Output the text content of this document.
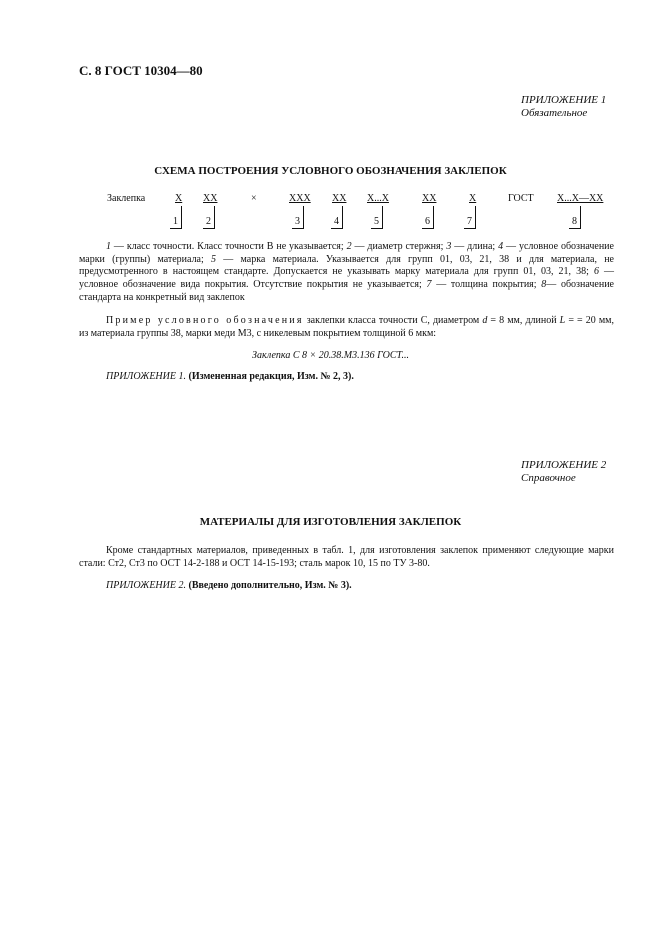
С. 8 ГОСТ 10304—80
ПРИЛОЖЕНИЕ 1
Обязательное
СХЕМА ПОСТРОЕНИЯ УСЛОВНОГО ОБОЗНАЧЕНИЯ ЗАКЛЕПОК
Заклепка	X XX	×	XXX XX X...X	XX	X	ГОСТ X...X—XX
1	2	3	4	5	6	7	8
1 — класс точности. Класс точности В не указывается; 2 — диаметр стержня; 3 — длина; 4 — условное обозначение марки (группы) материала; 5 — марка материала. Указывается для групп 01, 03, 21, 38 и для материала, не предусмотренного в настоящем стандарте. Допускается не указывать марку материала для групп 01, 03, 21, 38; 6 — условное обозначение вида покрытия. Отсутствие покрытия не указывается; 7 — толщина покрытия; 8— обозначение стандарта на конкретный вид заклепок
Пример условного обозначения заклепки класса точности С, диаметром d = 8 мм, длиной L = = 20 мм, из материала группы 38, марки меди М3, с никелевым покрытием толщиной 6 мкм:
Заклепка С 8 × 20.38.М3.136 ГОСТ...
ПРИЛОЖЕНИЕ 1. (Измененная редакция, Изм. № 2, 3).
ПРИЛОЖЕНИЕ 2
Справочное
МАТЕРИАЛЫ ДЛЯ ИЗГОТОВЛЕНИЯ ЗАКЛЕПОК
Кроме стандартных материалов, приведенных в табл. 1, для изготовления заклепок применяют следующие марки стали: Ст2, Ст3 по ОСТ 14-2-188 и ОСТ 14-15-193; сталь марок 10, 15 по ТУ 3-80.
ПРИЛОЖЕНИЕ 2. (Введено дополнительно, Изм. № 3).
